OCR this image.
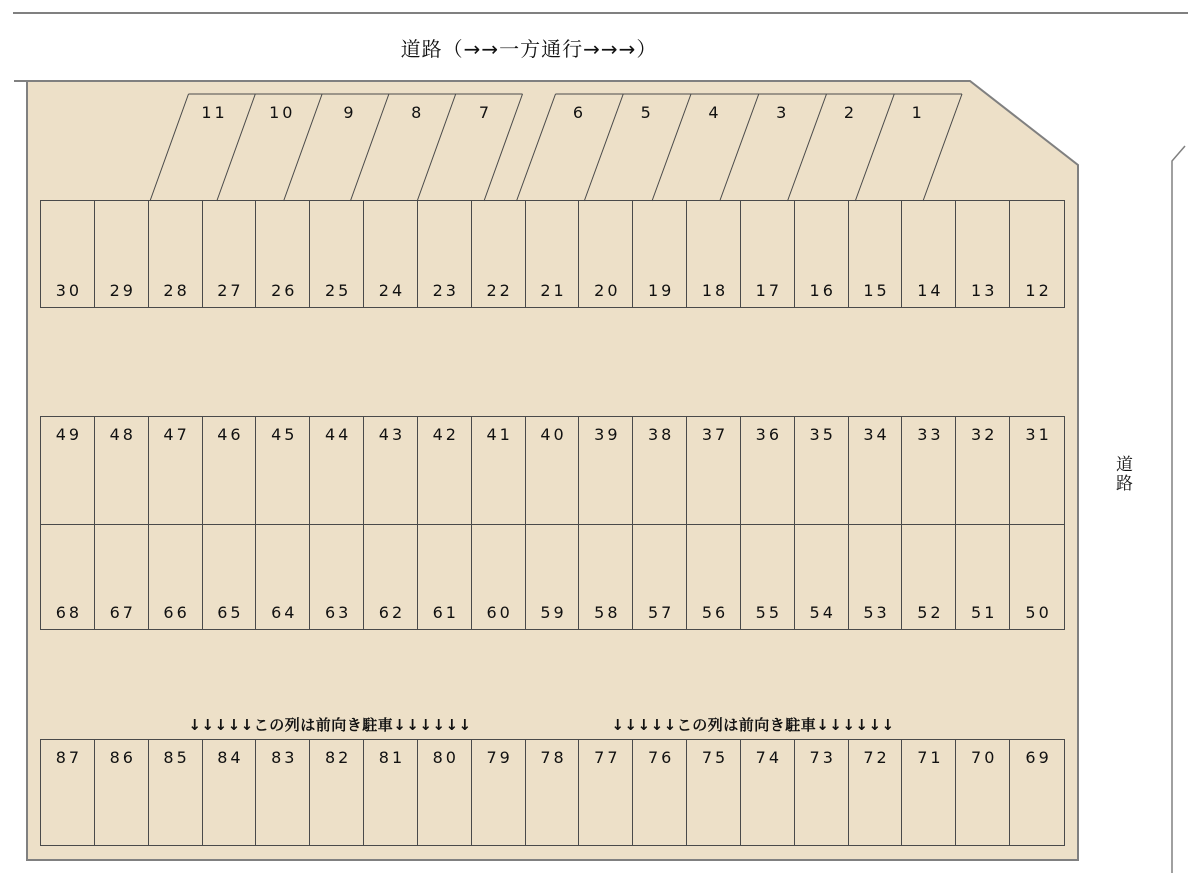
道路（→→一方通行→→→）
道路
11	10	9	8	7	6	5	4	3	2	1
30 29 28 27 26 25 24 23 22 21 20 19 18 17 16 15 14 13 12
49 48 47 46 45 44 43 42 41 40 39 38 37 36 35 34 33 32 31
68 67 66 65 64 63 62 61 60 59 58 57 56 55 54 53 52 51 50
87 86 85 84 83 82 81 80 79 78 77 76 75 74 73 72 71 70 69
↓↓↓↓↓この列は前向き駐車↓↓↓↓↓↓	↓↓↓↓↓この列は前向き駐車↓↓↓↓↓↓
